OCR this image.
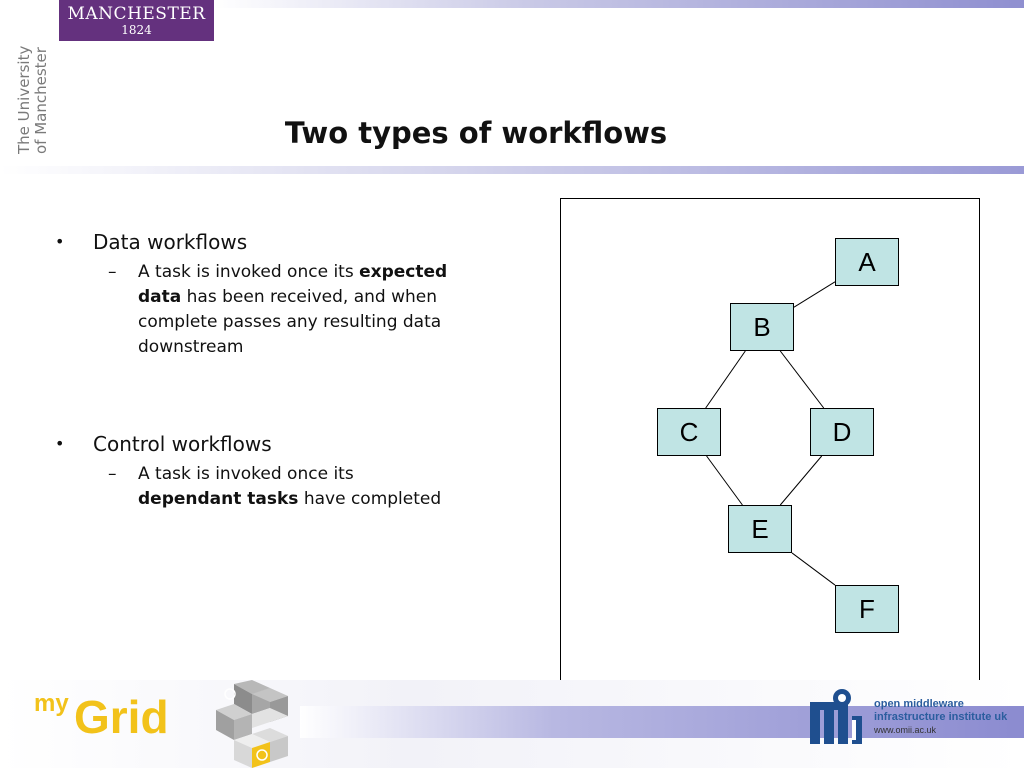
MANCHESTER
1824
The University of Manchester	Two types of workflows
• Data workflows
– A task is invoked once its expected data has been received, and when complete passes any resulting data downstream
• Control workflows
– A task is invoked once its
dependant tasks have completed
A
B
C	D
E
F
my Grid	open middleware
infrastructure institute uk
www.omii.ac.uk
